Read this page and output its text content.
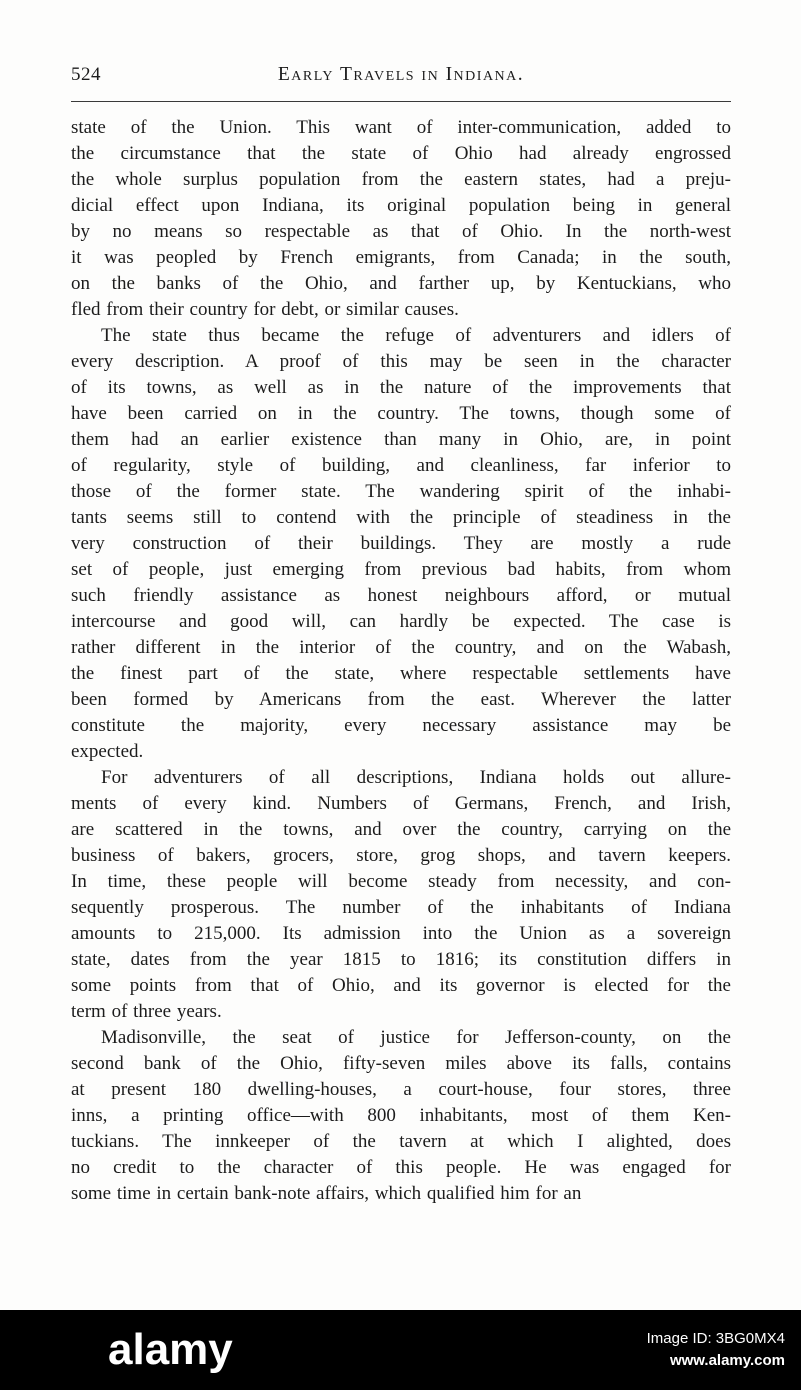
524	Early Travels in Indiana.
state of the Union. This want of inter-communication, added to
the circumstance that the state of Ohio had already engrossed
the whole surplus population from the eastern states, had a preju-
dicial effect upon Indiana, its original population being in general
by no means so respectable as that of Ohio. In the north-west
it was peopled by French emigrants, from Canada; in the south,
on the banks of the Ohio, and farther up, by Kentuckians, who
fled from their country for debt, or similar causes.
The state thus became the refuge of adventurers and idlers of
every description. A proof of this may be seen in the character
of its towns, as well as in the nature of the improvements that
have been carried on in the country. The towns, though some of
them had an earlier existence than many in Ohio, are, in point
of regularity, style of building, and cleanliness, far inferior to
those of the former state. The wandering spirit of the inhabi-
tants seems still to contend with the principle of steadiness in the
very construction of their buildings. They are mostly a rude
set of people, just emerging from previous bad habits, from whom
such friendly assistance as honest neighbours afford, or mutual
intercourse and good will, can hardly be expected. The case is
rather different in the interior of the country, and on the Wabash,
the finest part of the state, where respectable settlements have
been formed by Americans from the east. Wherever the latter
constitute the majority, every necessary assistance may be
expected.
For adventurers of all descriptions, Indiana holds out allure-
ments of every kind. Numbers of Germans, French, and Irish,
are scattered in the towns, and over the country, carrying on the
business of bakers, grocers, store, grog shops, and tavern keepers.
In time, these people will become steady from necessity, and con-
sequently prosperous. The number of the inhabitants of Indiana
amounts to 215,000. Its admission into the Union as a sovereign
state, dates from the year 1815 to 1816; its constitution differs in
some points from that of Ohio, and its governor is elected for the
term of three years.
Madisonville, the seat of justice for Jefferson-county, on the
second bank of the Ohio, fifty-seven miles above its falls, contains
at present 180 dwelling-houses, a court-house, four stores, three
inns, a printing office—with 800 inhabitants, most of them Ken-
tuckians. The innkeeper of the tavern at which I alighted, does
no credit to the character of this people. He was engaged for
some time in certain bank-note affairs, which qualified him for an
alamy	Image ID: 3BG0MX4
www.alamy.com
